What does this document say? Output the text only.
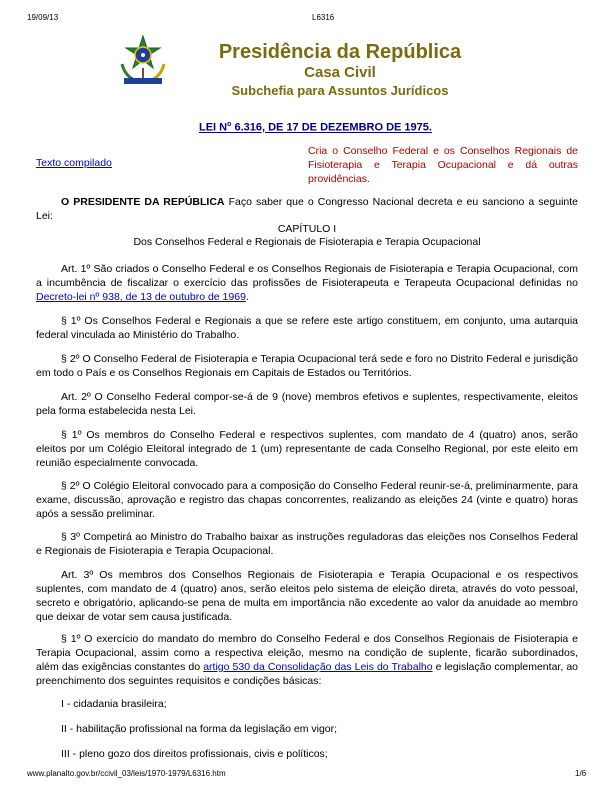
19/09/13	L6316
Presidência da República
Casa Civil
Subchefia para Assuntos Jurídicos
LEI $N^o$ 6.316, DE 17 DE DEZEMBRO DE 1975.
Texto compilado
Cria o Conselho Federal e os Conselhos Regionais de Fisioterapia e Terapia Ocupacional e dá outras providências.
O PRESIDENTE DA REPÚBLICA Faço saber que o Congresso Nacional decreta e eu sanciono a seguinte Lei:
CAPÍTULO I
Dos Conselhos Federal e Regionais de Fisioterapia e Terapia Ocupacional
Art. 1º São criados o Conselho Federal e os Conselhos Regionais de Fisioterapia e Terapia Ocupacional, com a incumbência de fiscalizar o exercício das profissões de Fisioterapeuta e Terapeuta Ocupacional definidas no Decreto-lei nº 938, de 13 de outubro de 1969.
§ 1º Os Conselhos Federal e Regionais a que se refere este artigo constituem, em conjunto, uma autarquia federal vinculada ao Ministério do Trabalho.
§ 2º O Conselho Federal de Fisioterapia e Terapia Ocupacional terá sede e foro no Distrito Federal e jurisdição em todo o País e os Conselhos Regionais em Capitais de Estados ou Territórios.
Art. 2º O Conselho Federal compor-se-á de 9 (nove) membros efetivos e suplentes, respectivamente, eleitos pela forma estabelecida nesta Lei.
§ 1º Os membros do Conselho Federal e respectivos suplentes, com mandato de 4 (quatro) anos, serão eleitos por um Colégio Eleitoral integrado de 1 (um) representante de cada Conselho Regional, por este eleito em reunião especialmente convocada.
§ 2º O Colégio Eleitoral convocado para a composição do Conselho Federal reunir-se-á, preliminarmente, para exame, discussão, aprovação e registro das chapas concorrentes, realizando as eleições 24 (vinte e quatro) horas após a sessão preliminar.
§ 3º Competirá ao Ministro do Trabalho baixar as instruções reguladoras das eleições nos Conselhos Federal e Regionais de Fisioterapia e Terapia Ocupacional.
Art. 3º Os membros dos Conselhos Regionais de Fisioterapia e Terapia Ocupacional e os respectivos suplentes, com mandato de 4 (quatro) anos, serão eleitos pelo sistema de eleição direta, através do voto pessoal, secreto e obrigatório, aplicando-se pena de multa em importância não excedente ao valor da anuidade ao membro que deixar de votar sem causa justificada.
§ 1º O exercício do mandato do membro do Conselho Federal e dos Conselhos Regionais de Fisioterapia e Terapia Ocupacional, assim como a respectiva eleição, mesmo na condição de suplente, ficarão subordinados, além das exigências constantes do artigo 530 da Consolidação das Leis do Trabalho e legislação complementar, ao preenchimento dos seguintes requisitos e condições básicas:
I - cidadania brasileira;
II - habilitação profissional na forma da legislação em vigor;
III - pleno gozo dos direitos profissionais, civis e políticos;
www.planalto.gov.br/ccivil_03/leis/1970-1979/L6316.htm	1/6
